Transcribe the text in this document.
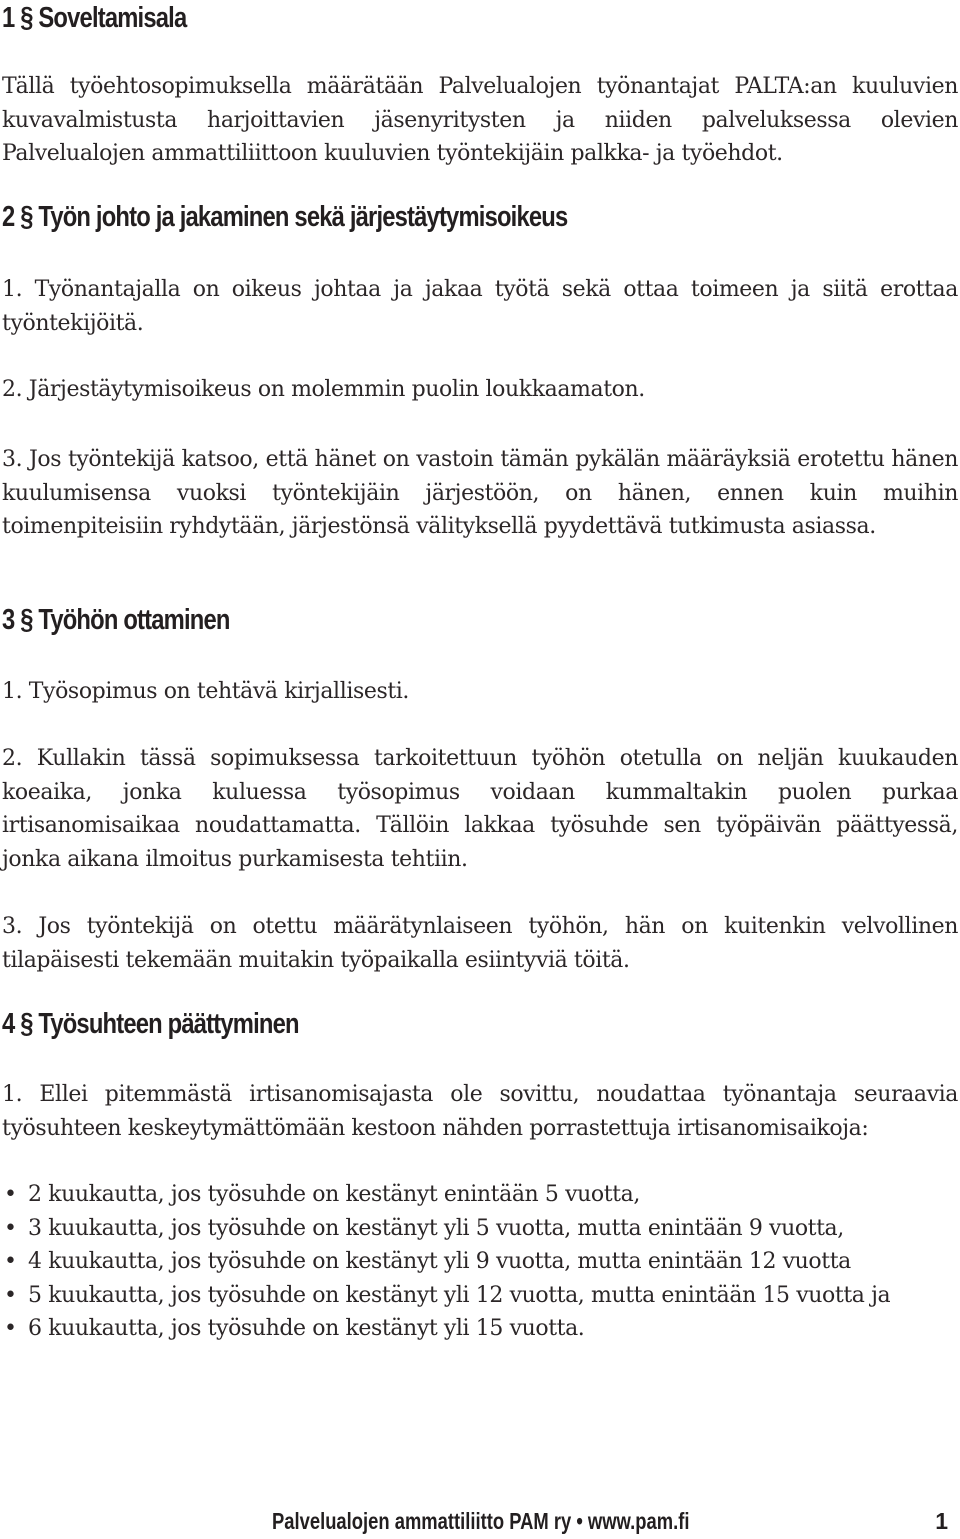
1 § Soveltamisala

Tällä työehtosopimuksella määrätään Palvelualojen työnantajat PALTA:an kuuluvien kuvavalmistusta harjoittavien jäsenyritysten ja niiden palveluksessa olevien Palvelualojen ammattiliittoon kuuluvien työntekijäin palkka- ja työehdot.

2 § Työn johto ja jakaminen sekä järjestäytymisoikeus

1. Työnantajalla on oikeus johtaa ja jakaa työtä sekä ottaa toimeen ja siitä erottaa työntekijöitä.

2. Järjestäytymisoikeus on molemmin puolin loukkaamaton.

3. Jos työntekijä katsoo, että hänet on vastoin tämän pykälän määräyksiä erotettu hänen kuulumisensa vuoksi työntekijäin järjestöön, on hänen, ennen kuin muihin toimenpiteisiin ryhdytään, järjestönsä välityksellä pyydettävä tutkimusta asiassa.

3 § Työhön ottaminen

1. Työsopimus on tehtävä kirjallisesti.

2. Kullakin tässä sopimuksessa tarkoitettuun työhön otetulla on neljän kuukauden koeaika, jonka kuluessa työsopimus voidaan kummaltakin puolen purkaa irtisanomisaikaa noudattamatta. Tällöin lakkaa työsuhde sen työpäivän päättyessä, jonka aikana ilmoitus purkamisesta tehtiin.

3. Jos työntekijä on otettu määrätynlaiseen työhön, hän on kuitenkin velvollinen tilapäisesti tekemään muitakin työpaikalla esiintyviä töitä.

4 § Työsuhteen päättyminen

1. Ellei pitemmästä irtisanomisajasta ole sovittu, noudattaa työnantaja seuraavia työsuhteen keskeytymättömään kestoon nähden porrastettuja irtisanomisaikoja:

• 2 kuukautta, jos työsuhde on kestänyt enintään 5 vuotta,
• 3 kuukautta, jos työsuhde on kestänyt yli 5 vuotta, mutta enintään 9 vuotta,
• 4 kuukautta, jos työsuhde on kestänyt yli 9 vuotta, mutta enintään 12 vuotta
• 5 kuukautta, jos työsuhde on kestänyt yli 12 vuotta, mutta enintään 15 vuotta ja
• 6 kuukautta, jos työsuhde on kestänyt yli 15 vuotta.
Palvelualojen ammattiliitto PAM ry • www.pam.fi	1
